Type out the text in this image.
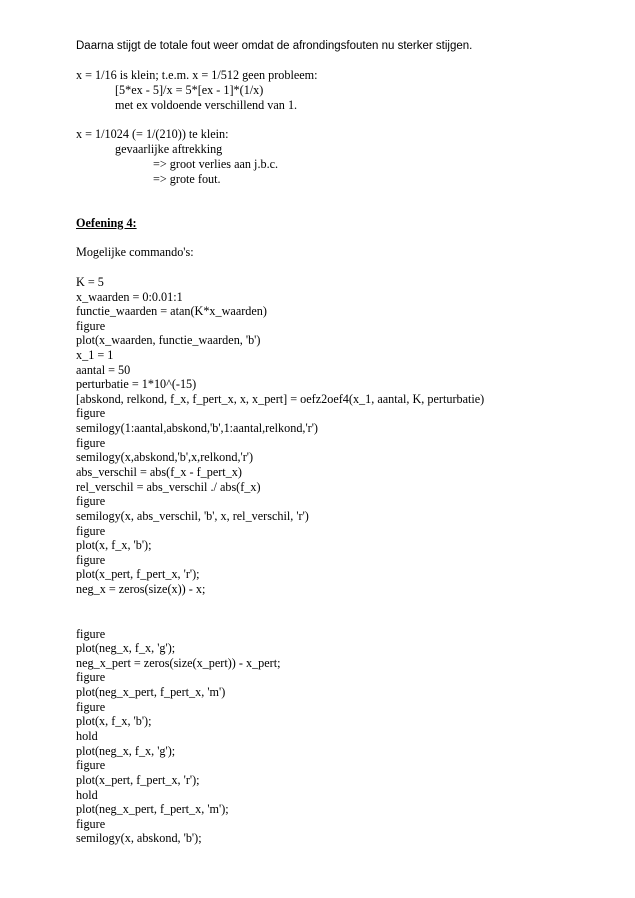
Daarna stijgt de totale fout weer omdat de afrondingsfouten nu sterker stijgen.
x = 1/16 is klein; t.e.m. x = 1/512 geen probleem:
[5*ex - 5]/x = 5*[ex - 1]*(1/x)
met ex voldoende verschillend van 1.
x = 1/1024 (= 1/(210)) te klein:
gevaarlijke aftrekking
=> groot verlies aan j.b.c.
=> grote fout.
Oefening 4:
Mogelijke commando's:
K = 5
x_waarden = 0:0.01:1
functie_waarden = atan(K*x_waarden)
figure
plot(x_waarden, functie_waarden, 'b')
x_1 = 1
aantal = 50
perturbatie = 1*10^(-15)
[abskond, relkond, f_x, f_pert_x, x, x_pert] = oefz2oef4(x_1, aantal, K, perturbatie)
figure
semilogy(1:aantal,abskond,'b',1:aantal,relkond,'r')
figure
semilogy(x,abskond,'b',x,relkond,'r')
abs_verschil = abs(f_x - f_pert_x)
rel_verschil = abs_verschil ./ abs(f_x)
figure
semilogy(x, abs_verschil, 'b', x, rel_verschil, 'r')
figure
plot(x, f_x, 'b');
figure
plot(x_pert, f_pert_x, 'r');
neg_x = zeros(size(x)) - x;
figure
plot(neg_x, f_x, 'g');
neg_x_pert = zeros(size(x_pert)) - x_pert;
figure
plot(neg_x_pert, f_pert_x, 'm')
figure
plot(x, f_x, 'b');
hold
plot(neg_x, f_x, 'g');
figure
plot(x_pert, f_pert_x, 'r');
hold
plot(neg_x_pert, f_pert_x, 'm');
figure
semilogy(x, abskond, 'b');
